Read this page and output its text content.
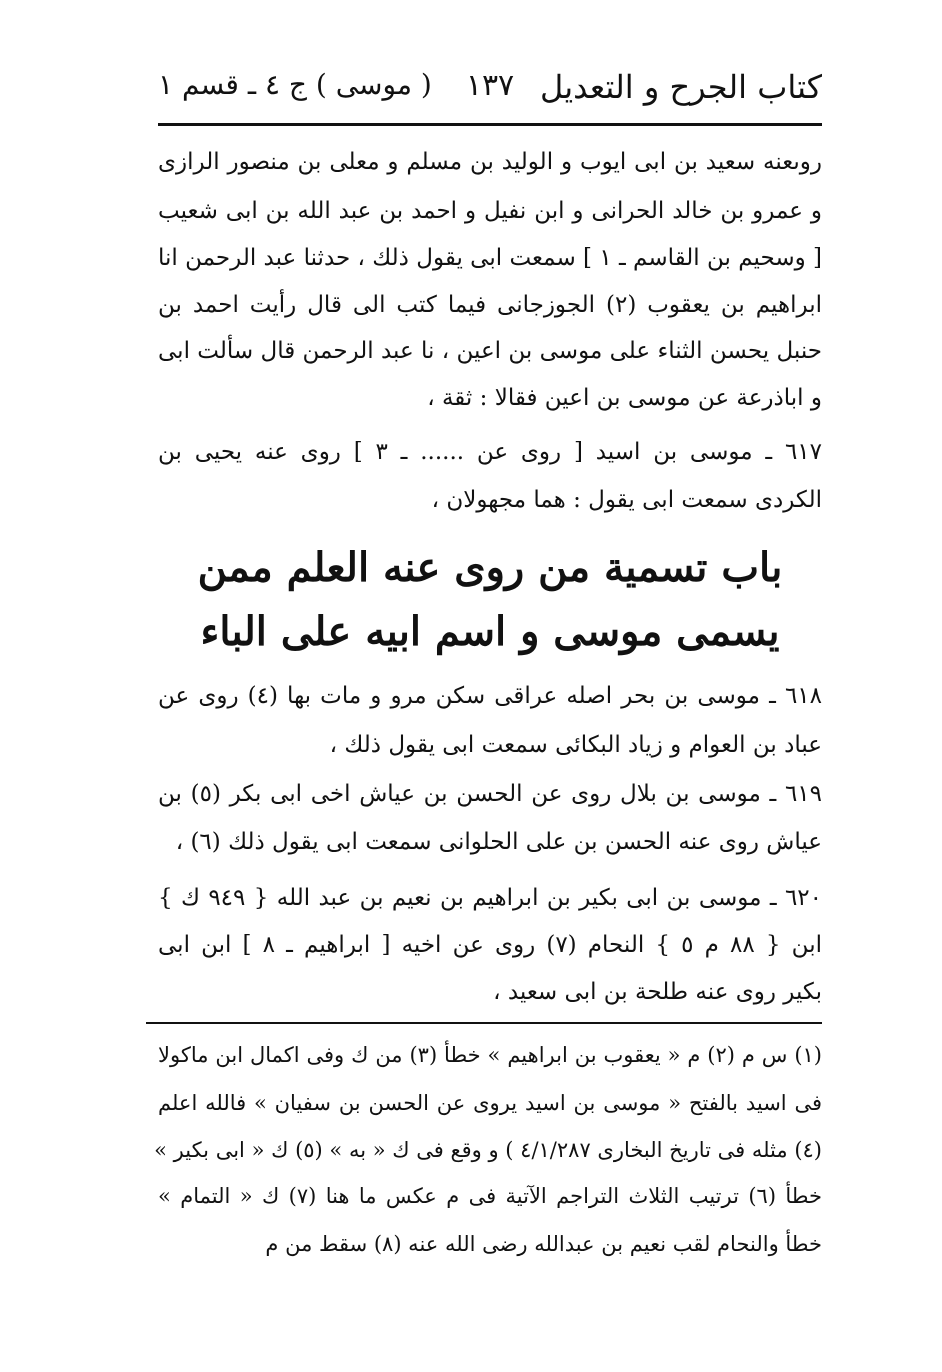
كتاب الجرح و التعديل
١٣٧
( موسى ) ج ٤ ـ قسم ١
روىعنه سعيد بن ابى ايوب و الوليد بن مسلم و معلى بن منصور الرازى
و عمرو بن خالد الحرانى و ابن نفيل و احمد بن عبد الله بن ابى شعيب
[ وسحيم بن القاسم ـ ١ ] سمعت ابى يقول ذلك ، حدثنا عبد الرحمن انا
ابراهيم بن يعقوب (٢) الجوزجانى فيما كتب الى قال رأيت احمد بن
حنبل يحسن الثناء على موسى بن اعين ، نا عبد الرحمن قال سألت ابى
و اباذرعة عن موسى بن اعين فقالا : ثقة ،
٦١٧ ـ موسى بن اسيد [ روى عن ...... ـ ٣ ] روى عنه يحيى بن
الكردى سمعت ابى يقول : هما مجهولان ،
باب تسمية من روى عنه العلم ممن
يسمى موسى و اسم ابيه على الباء
٦١٨ ـ موسى بن بحر اصله عراقى سكن مرو و مات بها (٤) روى عن
عباد بن العوام و زياد البكائى سمعت ابى يقول ذلك ،
٦١٩ ـ موسى بن بلال روى عن الحسن بن عياش اخى ابى بكر (٥) بن
عياش روى عنه الحسن بن على الحلوانى سمعت ابى يقول ذلك (٦) ،
٦٢٠ ـ موسى بن ابى بكير بن ابراهيم بن نعيم بن عبد الله { ٩٤٩ ك }
ابن { ٨٨ م ٥ } النحام (٧) روى عن اخيه [ ابراهيم ـ ٨ ] ابن ابى
بكير روى عنه طلحة بن ابى سعيد ،
(١) س م (٢) م « يعقوب بن ابراهيم » خطأ (٣) من ك وفى اكمال ابن ماكولا
فى اسيد بالفتح « موسى بن اسيد يروى عن الحسن بن سفيان » فالله اعلم
(٤) مثله فى تاريخ البخارى ٤/١/٢٨٧ ) و وقع فى ك « به » (٥) ك « ابى بكير »
خطأ (٦) ترتيب الثلاث التراجم الآتية فى م عكس ما هنا (٧) ك « التمام »
خطأ والنحام لقب نعيم بن عبدالله رضى الله عنه (٨) سقط من م
